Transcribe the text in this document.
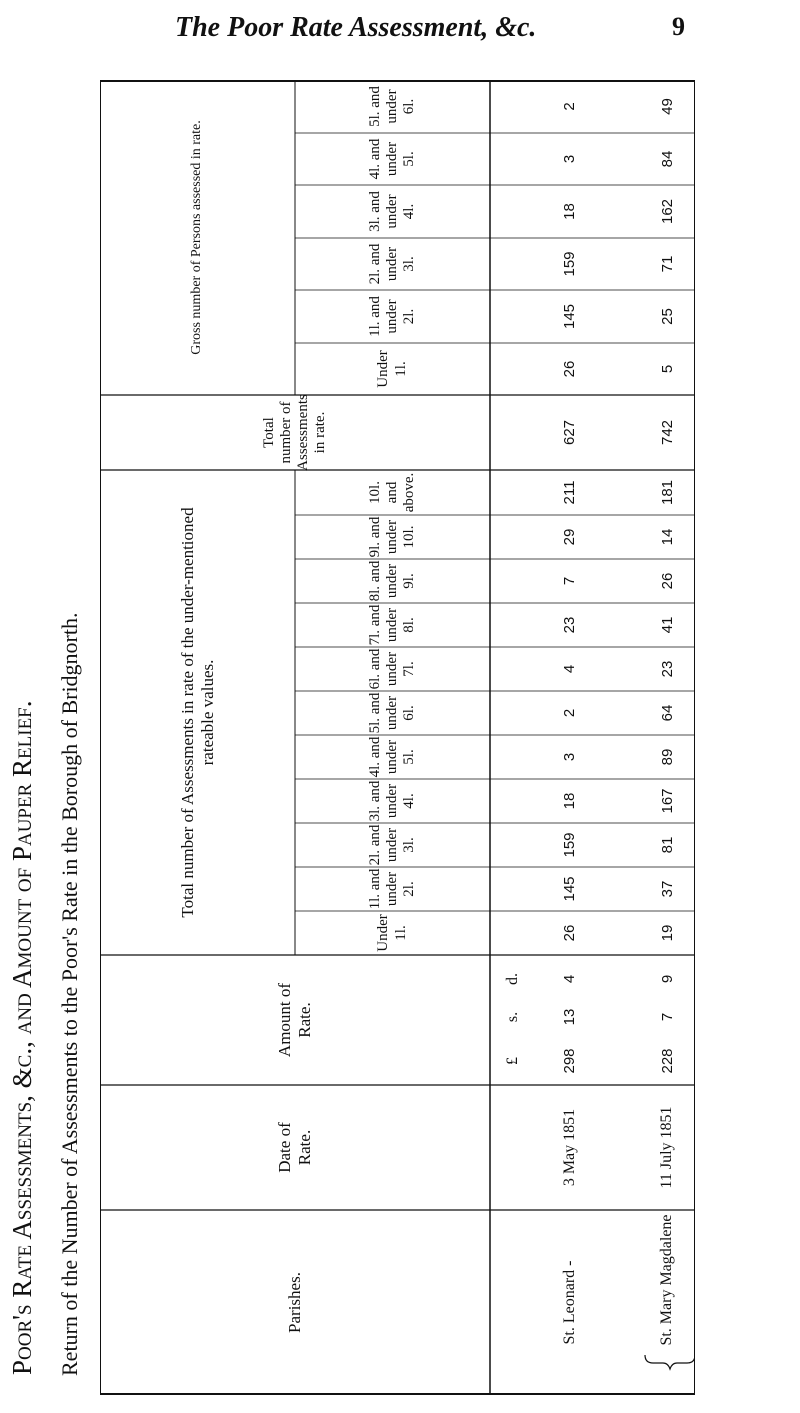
The Poor Rate Assessment, &c.	9
Poor's Rate Assessments, &c., and Amount of Pauper Relief. Return of the Number of Assessments to the Poor's Rate in the Borough of Bridgnorth.	Parishes.
Date of Rate.
Amount of Rate.
Total number of Assessments in rate of the under-mentioned rateable values.
Total number of Assessments in rate.
Gross number of Persons assessed in rate.
Under 1l.
1l. and under 2l.
2l. and under 3l.
3l. and under 4l.
4l. and under 5l.
5l. and under 6l.
6l. and under 7l.
7l. and under 8l.
8l. and under 9l.
9l. and under 10l.
10l. and above.
Under 1l.
1l. and under 2l.
2l. and under 3l.
3l. and under 4l.
4l. and under 5l.
5l. and under 6l.
£
s.
d.
St. Leonard -
3 May 1851
298
13
4
26
145
159
18
3
2
4
23
7
29
211
627
26
145
159
18
3
2
St. Mary Magdalene
11 July 1851
228
7
9
19
37
81
167
89
64
23
41
26
14
181
742
5
25
71
162
84
49
